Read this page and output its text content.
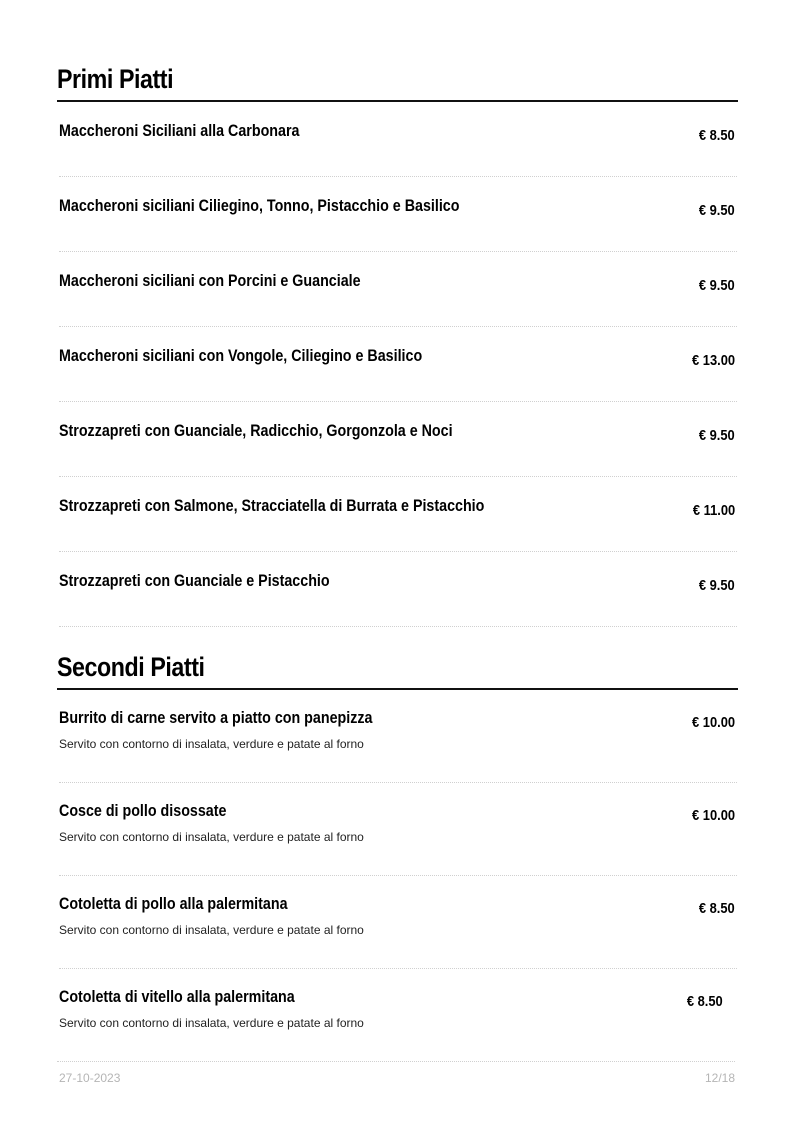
Primi Piatti
Maccheroni Siciliani alla Carbonara	€ 8.50
Maccheroni siciliani Ciliegino, Tonno, Pistacchio e Basilico	€ 9.50
Maccheroni siciliani con Porcini e Guanciale	€ 9.50
Maccheroni siciliani con Vongole, Ciliegino e Basilico	€ 13.00
Strozzapreti con Guanciale, Radicchio, Gorgonzola e Noci	€ 9.50
Strozzapreti con Salmone, Stracciatella di Burrata e Pistacchio	€ 11.00
Strozzapreti con Guanciale e Pistacchio	€ 9.50
Secondi Piatti
Burrito di carne servito a piatto con panepizza	€ 10.00
Servito con contorno di insalata, verdure e patate al forno
Cosce di pollo disossate	€ 10.00
Servito con contorno di insalata, verdure e patate al forno
Cotoletta di pollo alla palermitana	€ 8.50
Servito con contorno di insalata, verdure e patate al forno
Cotoletta di vitello alla palermitana	€ 8.50
Servito con contorno di insalata, verdure e patate al forno
27-10-2023	12/18
